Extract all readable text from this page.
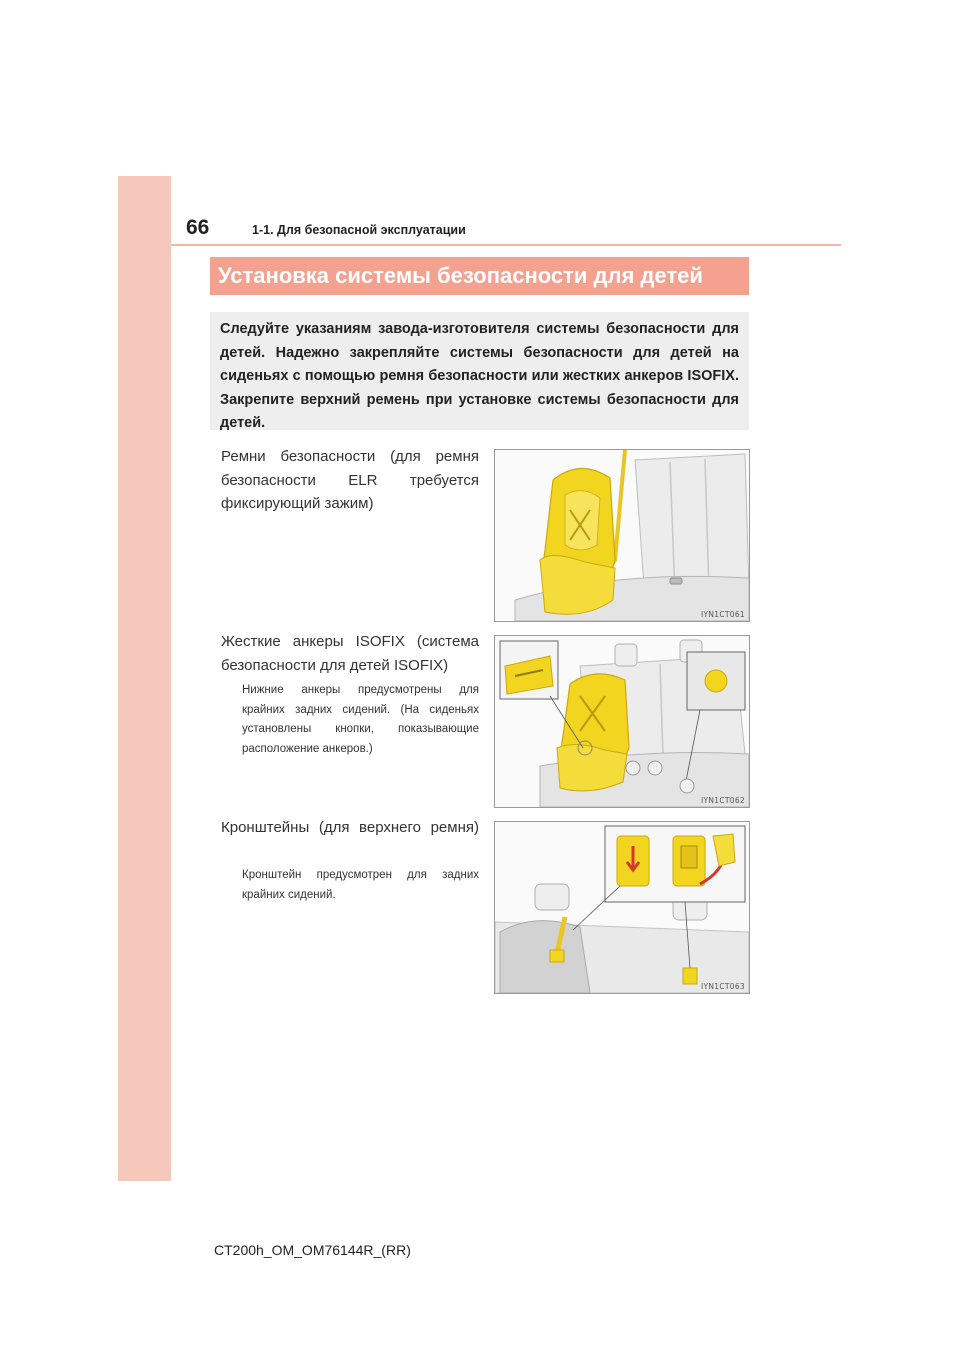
66	1-1. Для безопасной эксплуатации
Установка системы безопасности для детей
Следуйте указаниям завода-изготовителя системы безопасности для детей. Надежно закрепляйте системы безопасности для детей на сиденьях с помощью ремня безопасности или жестких анкеров ISOFIX. Закрепите верхний ремень при установке системы безопасности для детей.
Ремни безопасности (для ремня безопасности ELR требуется фиксирующий зажим)
IYN1CT061
Жесткие анкеры ISOFIX (система безопасности для детей ISOFIX)
Нижние анкеры предусмотрены для крайних задних сидений. (На сиденьях установлены кнопки, показывающие расположение анкеров.)
IYN1CT062
Кронштейны (для верхнего ремня)
Кронштейн предусмотрен для задних крайних сидений.
IYN1CT063
CT200h_OM_OM76144R_(RR)
